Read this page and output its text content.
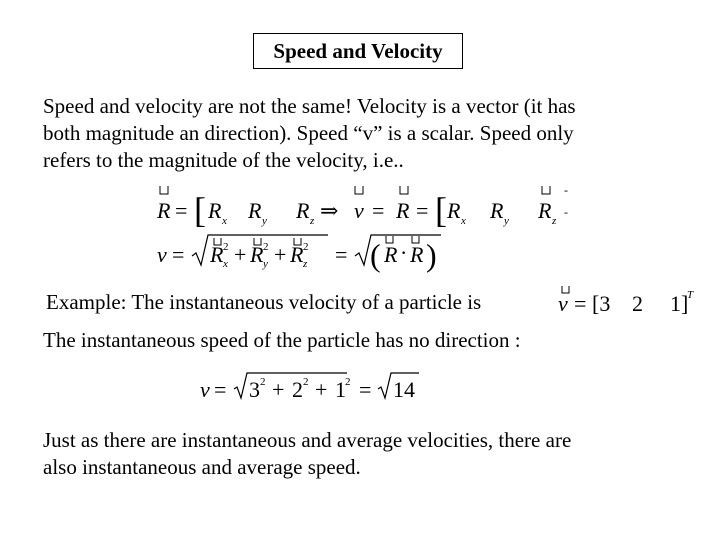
Speed and Velocity
Speed and velocity are not the same! Velocity is a vector (it has
both magnitude an direction). Speed “v” is a scalar. Speed only
refers to the magnitude of the velocity, i.e..
R = [ R x R y R z ⇒ v = R = [ R x R y R z
-
-
v = R x
2 + R y
2 + R z
2 = ( R · R )
Example: The instantaneous velocity of a particle is	v = [3 2 1]
T
The instantaneous speed of the particle has no direction :
v = 3 2 + 2 2 + 1 2 = 14
Just as there are instantaneous and average velocities, there are
also instantaneous and average speed.
